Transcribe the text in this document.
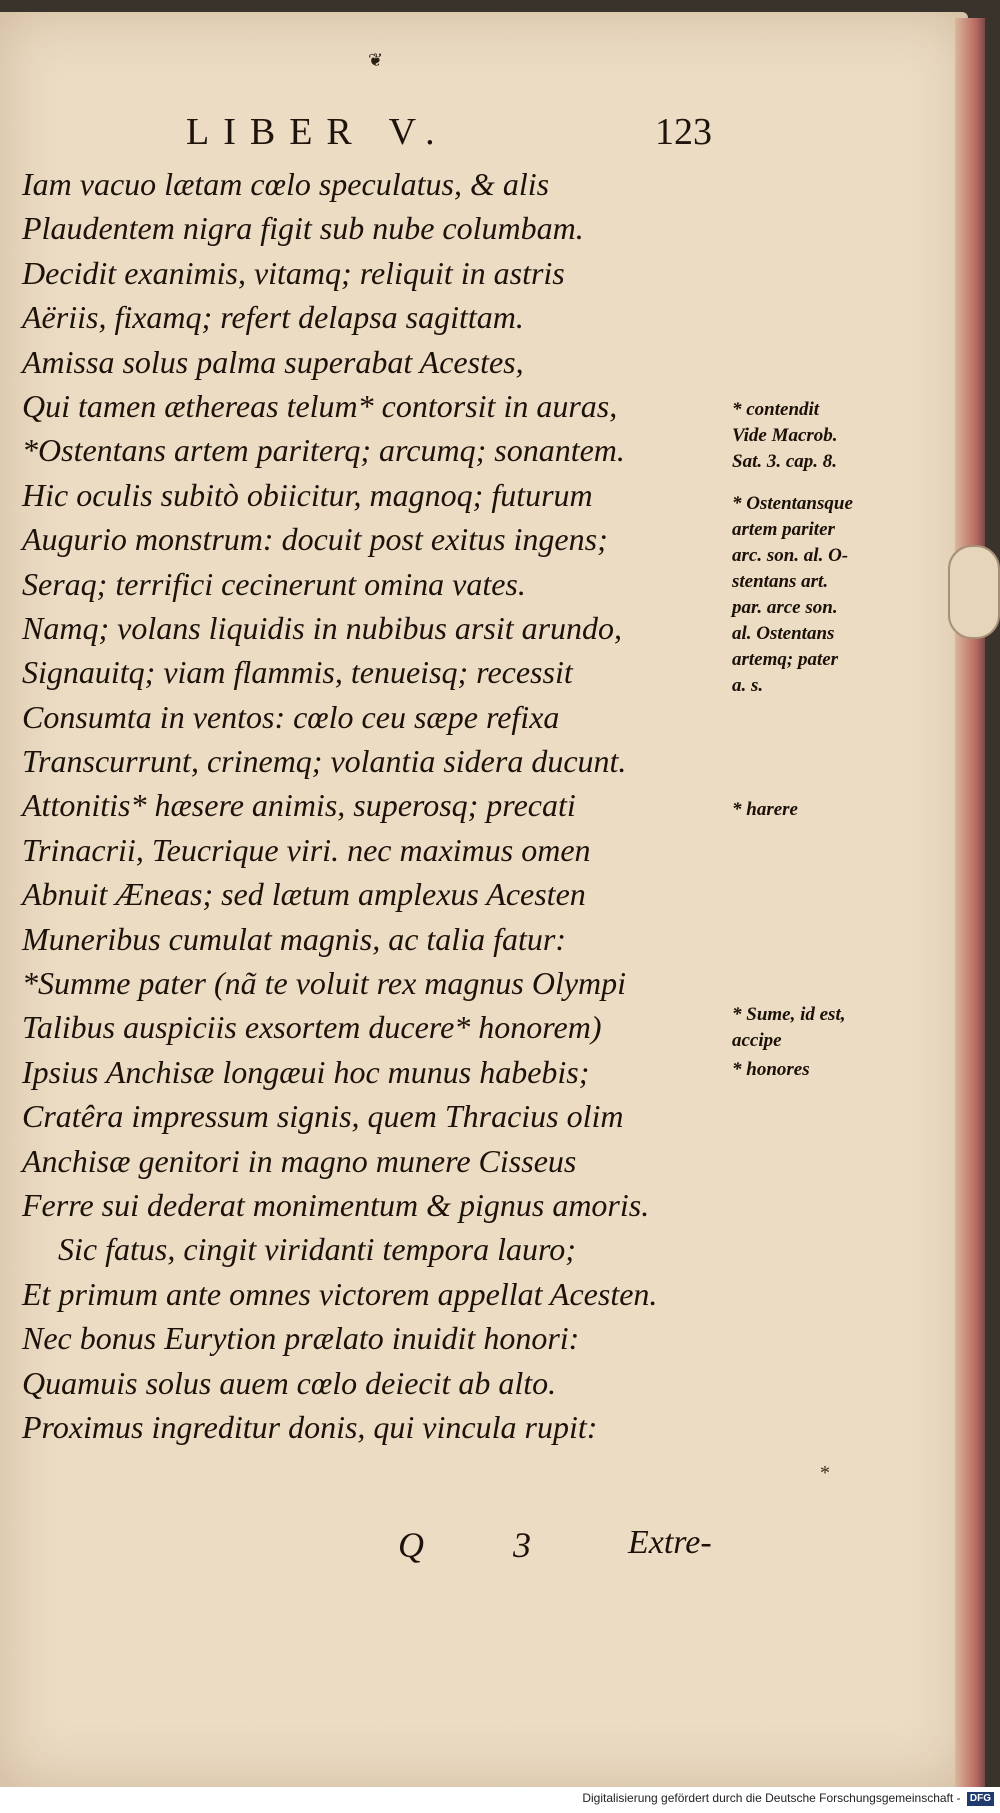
❦
LIBER V.	123
Iam vacuo lætam cœlo speculatus, & alis
Plaudentem nigra figit sub nube columbam.
Decidit exanimis, vitamq; reliquit in astris
Aëriis, fixamq; refert delapsa sagittam.
Amissa solus palma superabat Acestes,
Qui tamen æthereas telum* contorsit in auras,
*Ostentans artem pariterq; arcumq; sonantem.
Hic oculis subitò obiicitur, magnoq; futurum
Augurio monstrum: docuit post exitus ingens;
Seraq; terrifici cecinerunt omina vates.
Namq; volans liquidis in nubibus arsit arundo,
Signauitq; viam flammis, tenueisq; recessit
Consumta in ventos: cœlo ceu sæpe refixa
Transcurrunt, crinemq; volantia sidera ducunt.
Attonitis* hæsere animis, superosq; precati
Trinacrii, Teucrique viri. nec maximus omen
Abnuit Æneas; sed lætum amplexus Acesten
Muneribus cumulat magnis, ac talia fatur:
*Summe pater (nã te voluit rex magnus Olympi
Talibus auspiciis exsortem ducere* honorem)
Ipsius Anchisæ longæui hoc munus habebis;
Cratêra impressum signis, quem Thracius olim
Anchisæ genitori in magno munere Cisseus
Ferre sui dederat monimentum & pignus amoris.
Sic fatus, cingit viridanti tempora lauro;
Et primum ante omnes victorem appellat Acesten.
Nec bonus Eurytion prælato inuidit honori:
Quamuis solus auem cœlo deiecit ab alto.
Proximus ingreditur donis, qui vincula rupit:
* contendit
Vide Macrob.
Sat. 3. cap. 8.
* Ostentansque
artem pariter
arc. son. al. O-
stentans art.
par. arce son.
al. Ostentans
artemq; pater
a. s.
* harere
* Sume, id est,
accipe
* honores
Q 3 Extre-
*
Digitalisierung gefördert durch die Deutsche Forschungsgemeinschaft - DFG
